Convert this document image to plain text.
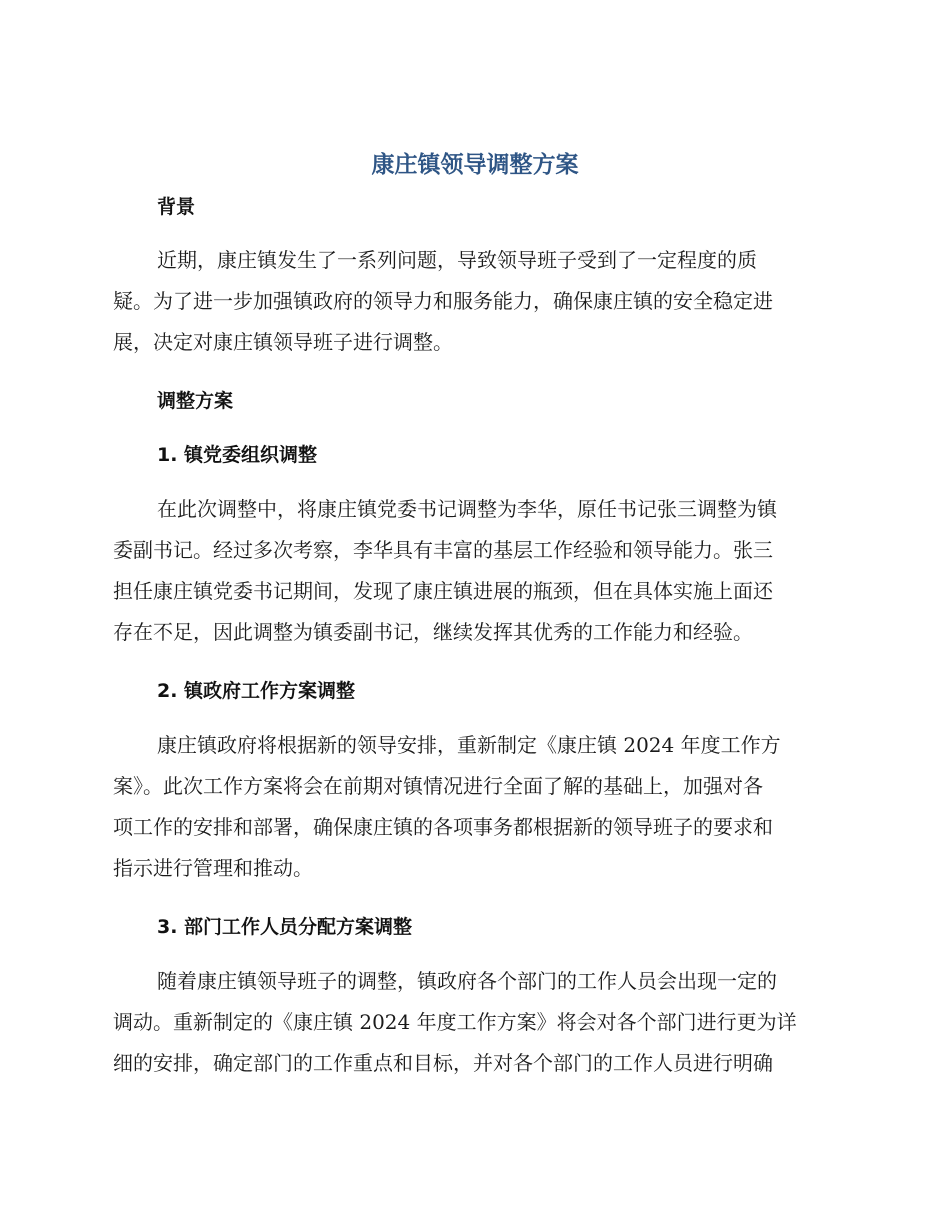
康庄镇领导调整方案
背景
近期，康庄镇发生了一系列问题，导致领导班子受到了一定程度的质
疑。为了进一步加强镇政府的领导力和服务能力，确保康庄镇的安全稳定进
展，决定对康庄镇领导班子进行调整。
调整方案
1. 镇党委组织调整
在此次调整中，将康庄镇党委书记调整为李华，原任书记张三调整为镇
委副书记。经过多次考察，李华具有丰富的基层工作经验和领导能力。张三
担任康庄镇党委书记期间，发现了康庄镇进展的瓶颈，但在具体实施上面还
存在不足，因此调整为镇委副书记，继续发挥其优秀的工作能力和经验。
2. 镇政府工作方案调整
康庄镇政府将根据新的领导安排，重新制定《康庄镇 2024 年度工作方
案》。此次工作方案将会在前期对镇情况进行全面了解的基础上，加强对各
项工作的安排和部署，确保康庄镇的各项事务都根据新的领导班子的要求和
指示进行管理和推动。
3. 部门工作人员分配方案调整
随着康庄镇领导班子的调整，镇政府各个部门的工作人员会出现一定的
调动。重新制定的《康庄镇 2024 年度工作方案》将会对各个部门进行更为详
细的安排，确定部门的工作重点和目标，并对各个部门的工作人员进行明确
